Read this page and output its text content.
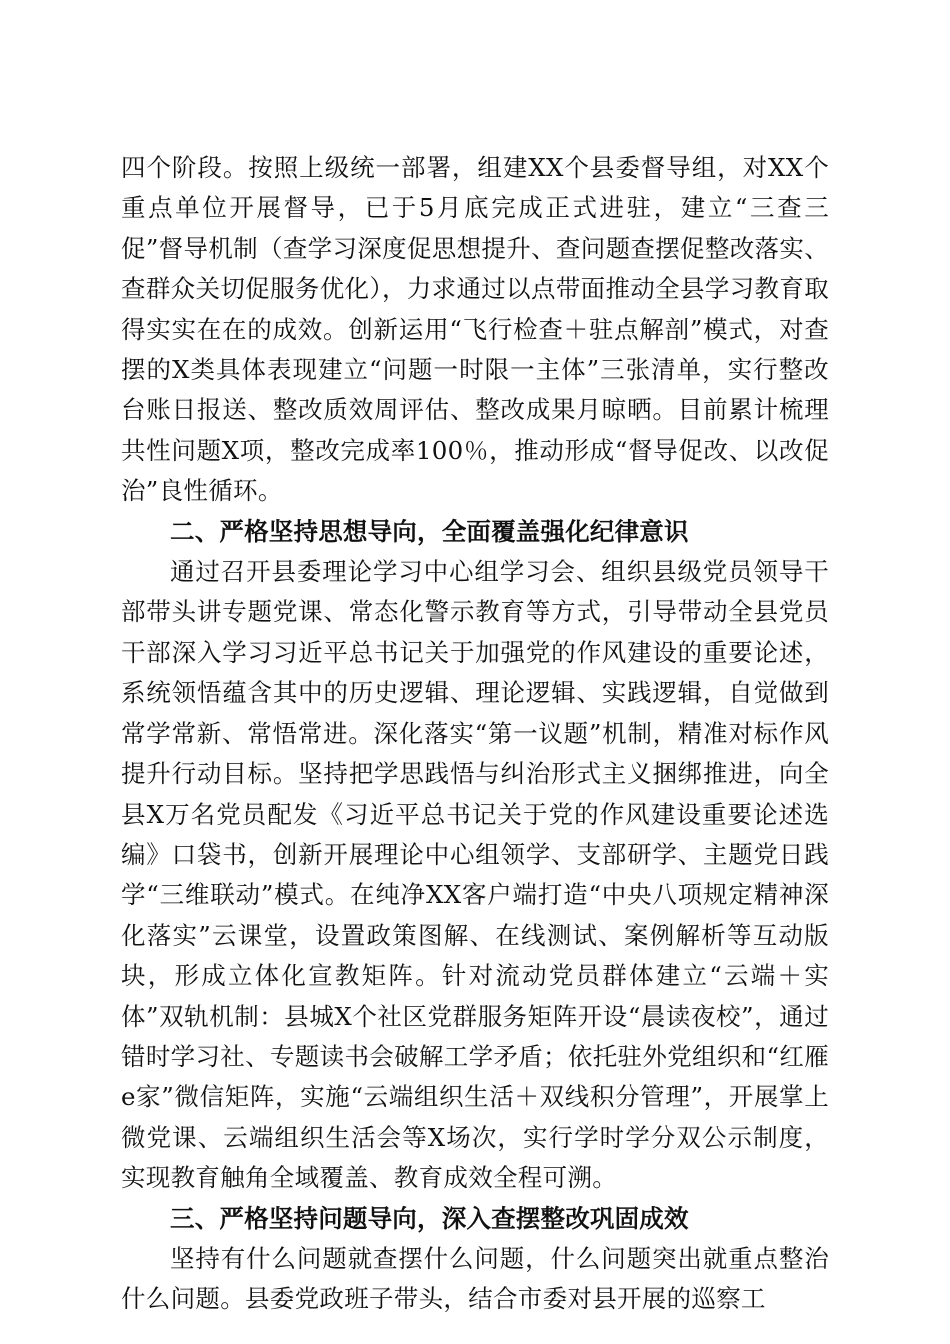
四个阶段。按照上级统一部署，组建XX个县委督导组，对XX个重点单位开展督导，已于5月底完成正式进驻，建立“三查三促”督导机制（查学习深度促思想提升、查问题查摆促整改落实、查群众关切促服务优化），力求通过以点带面推动全县学习教育取得实实在在的成效。创新运用“飞行检查＋驻点解剖”模式，对查摆的X类具体表现建立“问题一时限一主体”三张清单，实行整改台账日报送、整改质效周评估、整改成果月晾晒。目前累计梳理共性问题X项，整改完成率100％，推动形成“督导促改、以改促治”良性循环。

二、严格坚持思想导向，全面覆盖强化纪律意识

通过召开县委理论学习中心组学习会、组织县级党员领导干部带头讲专题党课、常态化警示教育等方式，引导带动全县党员干部深入学习习近平总书记关于加强党的作风建设的重要论述，系统领悟蕴含其中的历史逻辑、理论逻辑、实践逻辑，自觉做到常学常新、常悟常进。深化落实“第一议题”机制，精准对标作风提升行动目标。坚持把学思践悟与纠治形式主义捆绑推进，向全县X万名党员配发《习近平总书记关于党的作风建设重要论述选编》口袋书，创新开展理论中心组领学、支部研学、主题党日践学“三维联动”模式。在纯净XX客户端打造“中央八项规定精神深化落实”云课堂，设置政策图解、在线测试、案例解析等互动版块，形成立体化宣教矩阵。针对流动党员群体建立“云端＋实体”双轨机制：县城X个社区党群服务矩阵开设“晨读夜校”，通过错时学习社、专题读书会破解工学矛盾；依托驻外党组织和“红雁e家”微信矩阵，实施“云端组织生活＋双线积分管理”，开展掌上微党课、云端组织生活会等X场次，实行学时学分双公示制度，实现教育触角全域覆盖、教育成效全程可溯。

三、严格坚持问题导向，深入查摆整改巩固成效

坚持有什么问题就查摆什么问题，什么问题突出就重点整治什么问题。县委党政班子带头，结合市委对县开展的巡察工
